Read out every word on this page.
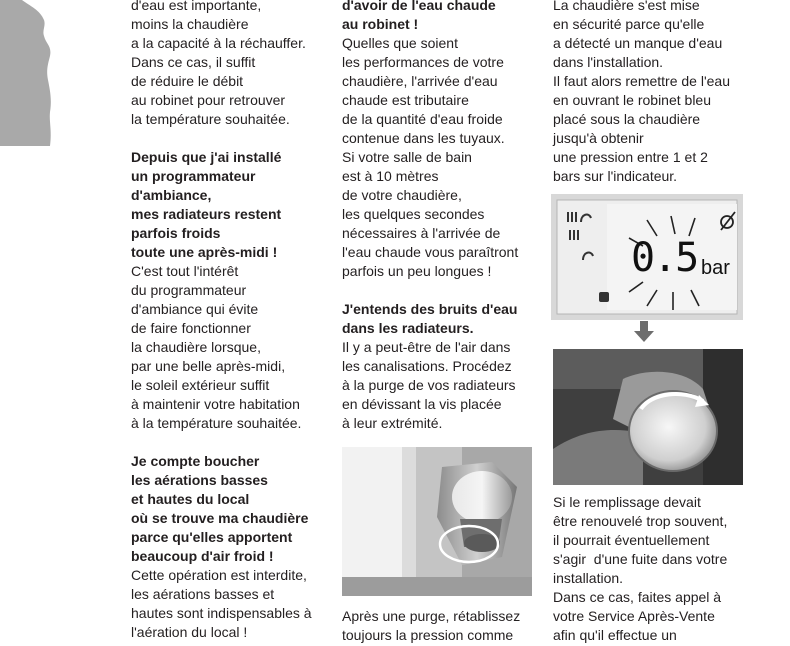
d'eau est importante,

moins la chaudière

a la capacité à la réchauffer.

Dans ce cas, il suffit

de réduire le débit

au robinet pour retrouver

la température souhaitée.

Depuis que j'ai installé

un programmateur

d'ambiance,

mes radiateurs restent

parfois froids

toute une après-midi !

C'est tout l'intérêt

du programmateur

d'ambiance qui évite

de faire fonctionner

la chaudière lorsque,

par une belle après-midi,

le soleil extérieur suffit

à maintenir votre habitation

à la température souhaitée.

Je compte boucher

les aérations basses

et hautes du local

où se trouve ma chaudière

parce qu'elles apportent

beaucoup d'air froid !

Cette opération est interdite,

les aérations basses et

hautes sont indispensables à

l'aération du local !

d'avoir de l'eau chaude

au robinet !

Quelles que soient

les performances de votre

chaudière, l'arrivée d'eau

chaude est tributaire

de la quantité d'eau froide

contenue dans les tuyaux.

Si votre salle de bain

est à 10 mètres

de votre chaudière,

les quelques secondes

nécessaires à l'arrivée de

l'eau chaude vous paraîtront

parfois un peu longues !

J'entends des bruits d'eau

dans les radiateurs.

Il y a peut-être de l'air dans

les canalisations. Procédez

à la purge de vos radiateurs

en dévissant la vis placée

à leur extrémité.

Après une purge, rétablissez

toujours la pression comme

La chaudière s'est mise

en sécurité parce qu'elle

a détecté un manque d'eau

dans l'installation.

Il faut alors remettre de l'eau

en ouvrant le robinet bleu

placé sous la chaudière

jusqu'à obtenir

une pression entre 1 et 2

bars sur l'indicateur.

0.5 bar

Si le remplissage devait

être renouvelé trop souvent,

il pourrait éventuellement

s'agir  d'une fuite dans votre

installation.

Dans ce cas, faites appel à

votre Service Après-Vente

afin qu'il effectue un
